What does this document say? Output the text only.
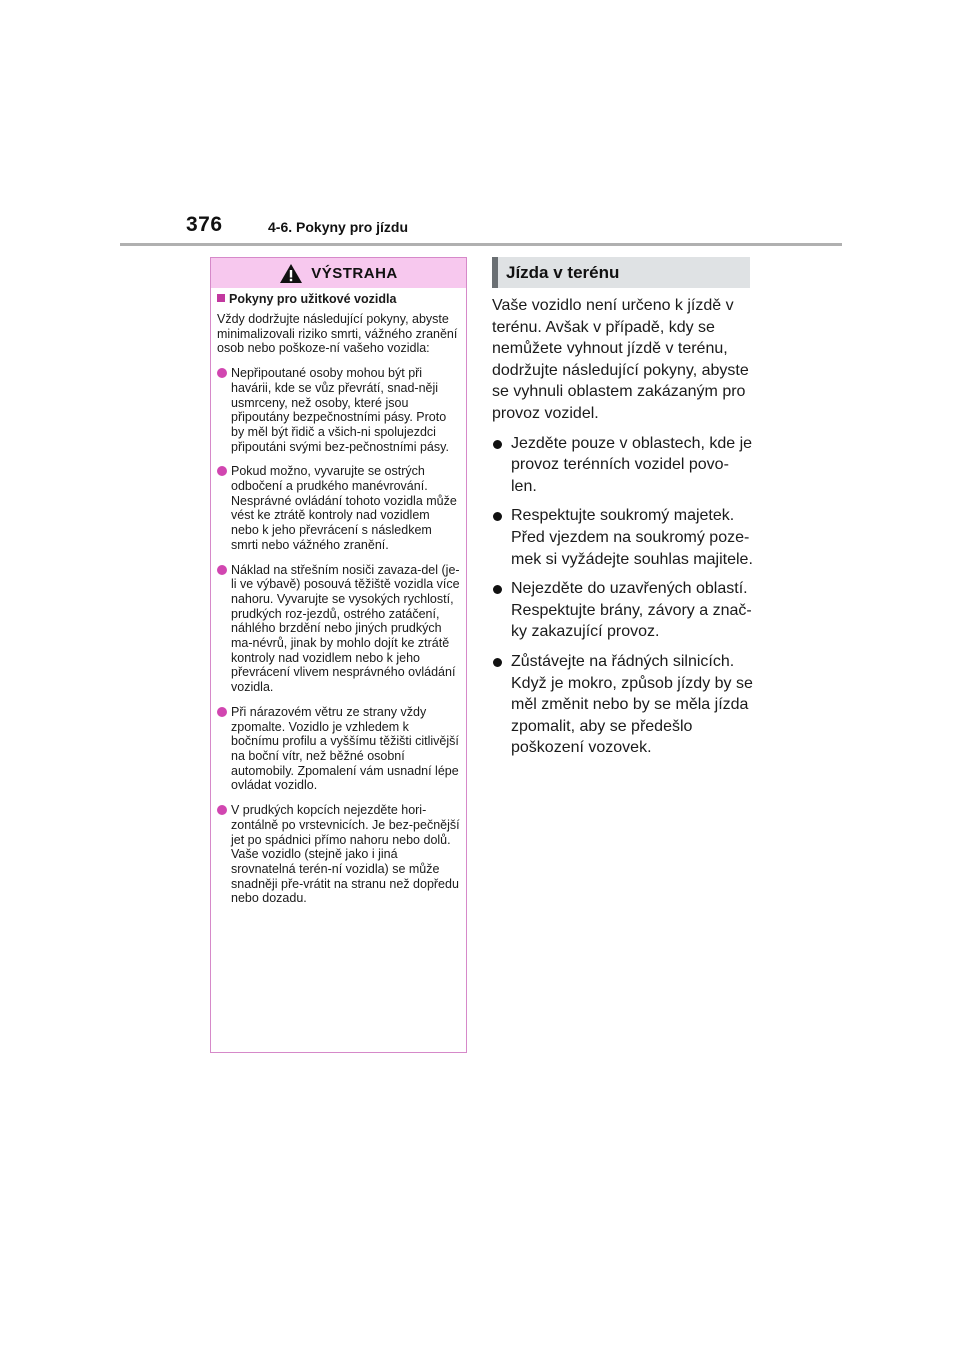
376	4-6. Pokyny pro jízdu
VÝSTRAHA
Pokyny pro užitkové vozidla

Vždy dodržujte následující pokyny, abyste minimalizovali riziko smrti, vážného zranění osob nebo poškoze-ní vašeho vozidla:

Nepřipoutané osoby mohou být při havárii, kde se vůz převrátí, snad-něji usmrceny, než osoby, které jsou připoutány bezpečnostními pásy. Proto by měl být řidič a všich-ni spolujezdci připoutáni svými bez-pečnostními pásy.
Pokud možno, vyvarujte se ostrých odbočení a prudkého manévrování. Nesprávné ovládání tohoto vozidla může vést ke ztrátě kontroly nad vozidlem nebo k jeho převrácení s následkem smrti nebo vážného zranění.
Náklad na střešním nosiči zavaza-del (je-li ve výbavě) posouvá těžiště vozidla více nahoru. Vyvarujte se vysokých rychlostí, prudkých roz-jezdů, ostrého zatáčení, náhlého brzdění nebo jiných prudkých ma-névrů, jinak by mohlo dojít ke ztrátě kontroly nad vozidlem nebo k jeho převrácení vlivem nesprávného ovládání vozidla.
Při nárazovém větru ze strany vždy zpomalte. Vozidlo je vzhledem k bočnímu profilu a vyššímu těžišti citlivější na boční vítr, než běžné osobní automobily. Zpomalení vám usnadní lépe ovládat vozidlo.
V prudkých kopcích nejezděte hori-zontálně po vrstevnicích. Je bez-pečnější jet po spádnici přímo nahoru nebo dolů. Vaše vozidlo (stejně jako i jiná srovnatelná terén-ní vozidla) se může snadněji pře-vrátit na stranu než dopředu nebo dozadu.
Jízda v terénu

Vaše vozidlo není určeno k jízdě v terénu. Avšak v případě, kdy se nemůžete vyhnout jízdě v terénu, dodržujte následující pokyny, abyste se vyhnuli oblastem zakázaným pro provoz vozidel.

Jezděte pouze v oblastech, kde je provoz terénních vozidel povo-len.
Respektujte soukromý majetek. Před vjezdem na soukromý poze-mek si vyžádejte souhlas majitele.
Nejezděte do uzavřených oblastí. Respektujte brány, závory a znač-ky zakazující provoz.
Zůstávejte na řádných silnicích. Když je mokro, způsob jízdy by se měl změnit nebo by se měla jízda zpomalit, aby se předešlo poškození vozovek.
